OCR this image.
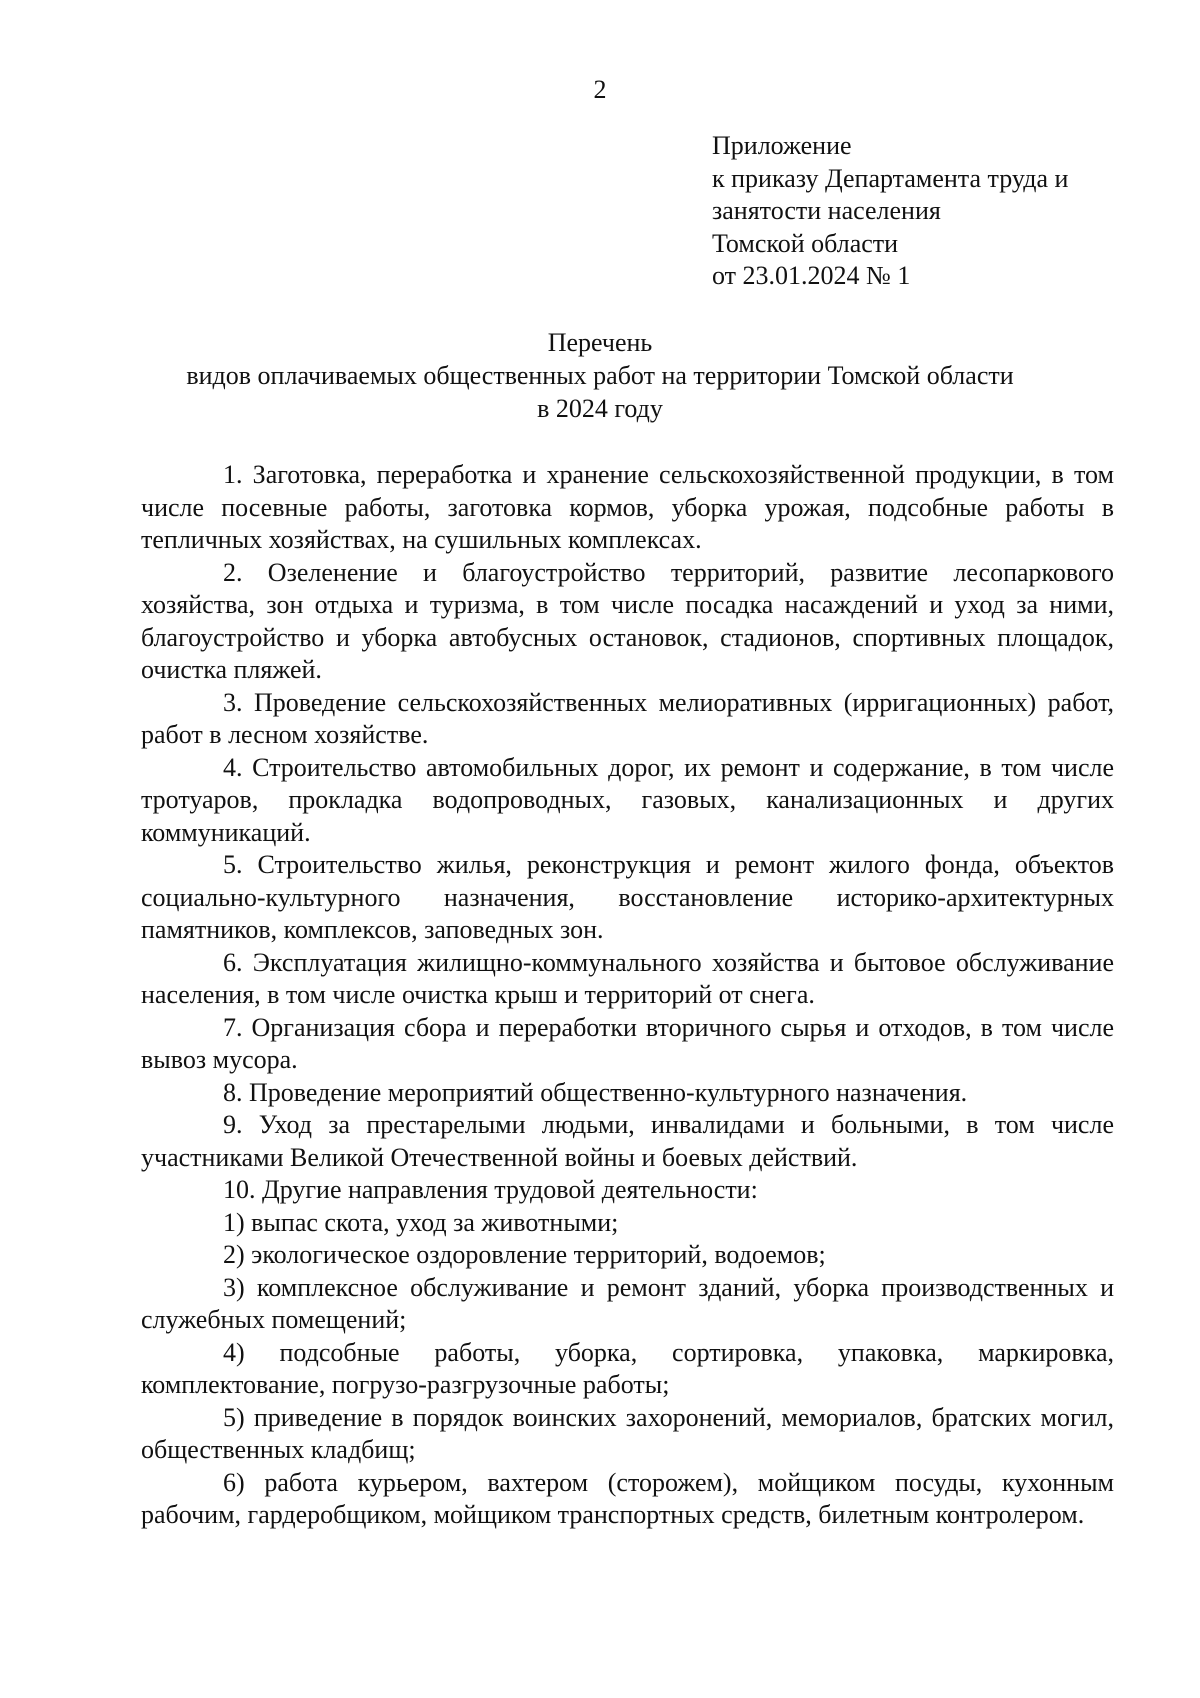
2
Приложение
к приказу Департамента труда и
занятости населения
Томской области
от 23.01.2024 № 1
Перечень
видов оплачиваемых общественных работ на территории Томской области
в 2024 году

1. Заготовка, переработка и хранение сельскохозяйственной продукции, в том числе посевные работы, заготовка кормов, уборка урожая, подсобные работы в тепличных хозяйствах, на сушильных комплексах.

2. Озеленение и благоустройство территорий, развитие лесопаркового хозяйства, зон отдыха и туризма, в том числе посадка насаждений и уход за ними, благоустройство и уборка автобусных остановок, стадионов, спортивных площадок, очистка пляжей.

3. Проведение сельскохозяйственных мелиоративных (ирригационных) работ, работ в лесном хозяйстве.

4. Строительство автомобильных дорог, их ремонт и содержание, в том числе тротуаров, прокладка водопроводных, газовых, канализационных и других коммуникаций.

5. Строительство жилья, реконструкция и ремонт жилого фонда, объектов социально-культурного назначения, восстановление историко-архитектурных памятников, комплексов, заповедных зон.

6. Эксплуатация жилищно-коммунального хозяйства и бытовое обслуживание населения, в том числе очистка крыш и территорий от снега.

7. Организация сбора и переработки вторичного сырья и отходов, в том числе вывоз мусора.

8. Проведение мероприятий общественно-культурного назначения.

9. Уход за престарелыми людьми, инвалидами и больными, в том числе участниками Великой Отечественной войны и боевых действий.

10. Другие направления трудовой деятельности:

1) выпас скота, уход за животными;

2) экологическое оздоровление территорий, водоемов;

3) комплексное обслуживание и ремонт зданий, уборка производственных и служебных помещений;

4) подсобные работы, уборка, сортировка, упаковка, маркировка, комплектование, погрузо-разгрузочные работы;

5) приведение в порядок воинских захоронений, мемориалов, братских могил, общественных кладбищ;

6) работа курьером, вахтером (сторожем), мойщиком посуды, кухонным рабочим, гардеробщиком, мойщиком транспортных средств, билетным контролером.
